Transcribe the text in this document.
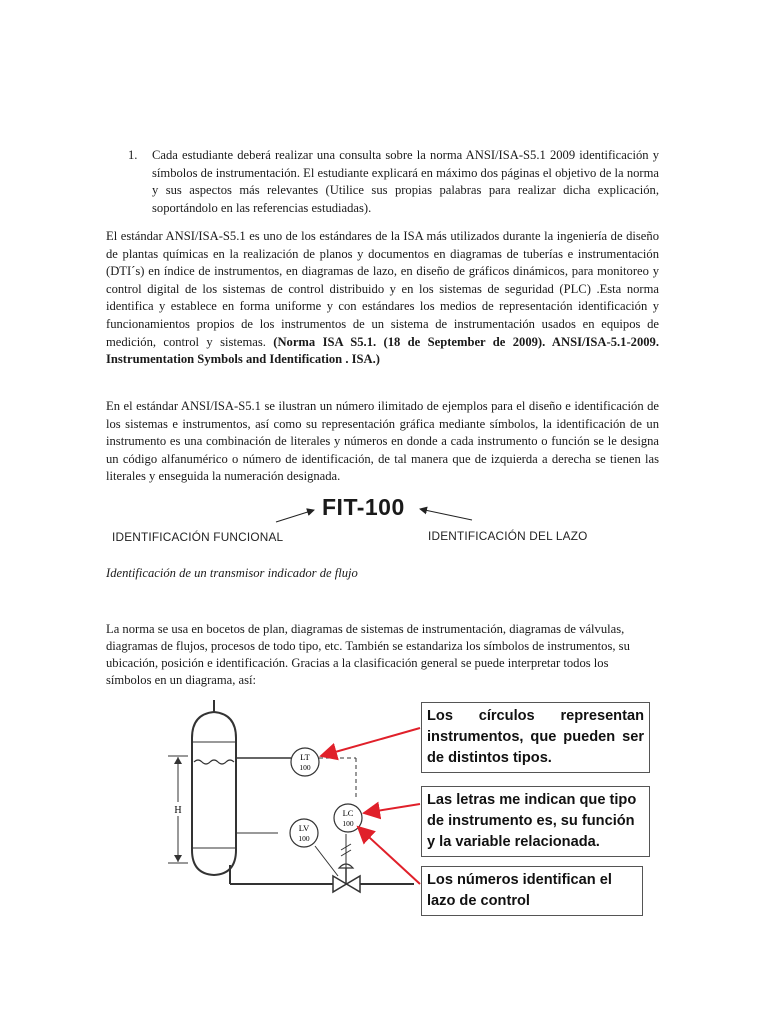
1. Cada estudiante deberá realizar una consulta sobre la norma ANSI/ISA-S5.1 2009 identificación y símbolos de instrumentación. El estudiante explicará en máximo dos páginas el objetivo de la norma y sus aspectos más relevantes (Utilice sus propias palabras para realizar dicha explicación, soportándolo en las referencias estudiadas).

El estándar ANSI/ISA-S5.1 es uno de los estándares de la ISA más utilizados durante la ingeniería de diseño de plantas químicas en la realización de planos y documentos en diagramas de tuberías e instrumentación (DTI´s) en índice de instrumentos, en diagramas de lazo, en diseño de gráficos dinámicos, para monitoreo y control digital de los sistemas de control distribuido y en los sistemas de seguridad (PLC) .Esta norma identifica y establece en forma uniforme y con estándares los medios de representación identificación y funcionamientos propios de los instrumentos de un sistema de instrumentación usados en equipos de medición, control y sistemas. (Norma ISA S5.1. (18 de September de 2009). ANSI/ISA-5.1-2009. Instrumentation Symbols and Identification . ISA.)

En el estándar ANSI/ISA-S5.1 se ilustran un número ilimitado de ejemplos para el diseño e identificación de los sistemas e instrumentos, así como su representación gráfica mediante símbolos, la identificación de un instrumento es una combinación de literales y números en donde a cada instrumento o función se le designa un código alfanumérico o número de identificación, de tal manera que de izquierda a derecha se tienen las literales y enseguida la numeración designada.

FIT-100
IDENTIFICACIÓN FUNCIONAL	IDENTIFICACIÓN DEL LAZO
Identificación de un transmisor indicador de flujo

La norma se usa en bocetos de plan, diagramas de sistemas de instrumentación, diagramas de válvulas, diagramas de flujos, procesos de todo tipo, etc. También se estandariza los símbolos de instrumentos, su ubicación, posición e identificación. Gracias a la clasificación general se puede interpretar todos los símbolos en un diagrama, así:

H
LT
100
LC
100
LV
100
Los círculos representan instrumentos, que pueden ser de distintos tipos.
Las letras me indican que tipo de instrumento es, su función y la variable relacionada.
Los números identifican el lazo de control
